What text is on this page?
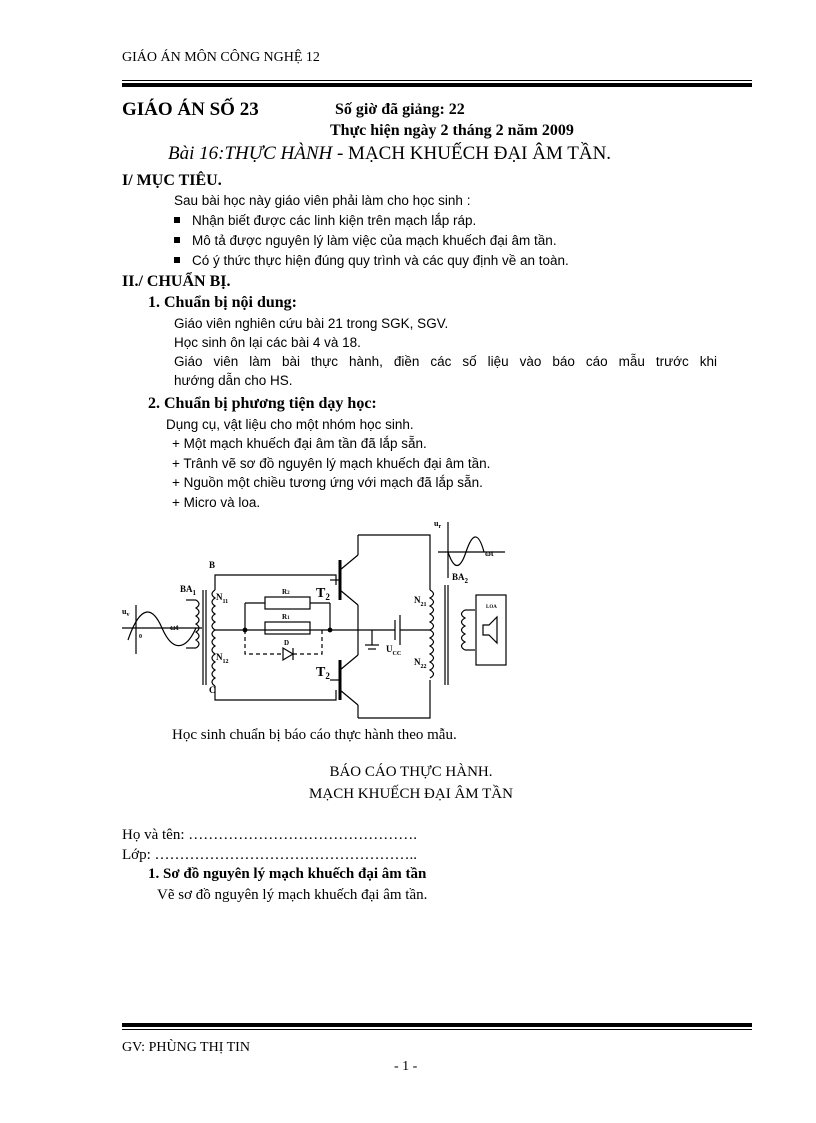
GIÁO ÁN MÔN CÔNG NGHỆ 12
GIÁO ÁN SỐ 23	Số giờ đã giảng: 22
Thực hiện ngày 2 tháng 2 năm 2009
Bài 16:THỰC HÀNH - MẠCH KHUẾCH ĐẠI ÂM TẦN.
I/ MỤC TIÊU.
Sau bài học này giáo viên phải làm cho học sinh :
Nhận biết được các linh kiện trên mạch lắp ráp.
Mô tả được nguyên lý làm việc của mạch khuếch đại âm tần.
Có ý thức thực hiện đúng quy trình và các quy định về an toàn.
II./ CHUẨN BỊ.
1. Chuẩn bị nội dung:
Giáo viên nghiên cứu bài 21 trong SGK, SGV.
Học sinh ôn lại các bài 4 và 18.
Giáo viên làm bài thực hành, điền các số liệu vào báo cáo mẫu trước khi
hướng dẫn cho HS.
2. Chuẩn bị phương tiện dạy học:
Dụng cụ, vật liệu cho một nhóm học sinh.
+ Một mạch khuếch đại âm tần đã lắp sẵn.
+ Trânh vẽ sơ đồ nguyên lý mạch khuếch đại âm tần.
+ Nguồn một chiều tương ứng với mạch đã lắp sẵn.
+ Micro và loa.
B
C
$BA_1$
$BA_2$
$N_{11}$
$N_{12}$
$N_{21}$
$N_{22}$
R2
R1
D
$T_2$
$T_2$
$U_{CC}$
$u_r$
$u_v$
ωt
ωt
LOA
0
Học sinh chuẩn bị báo cáo thực hành theo mẫu.
BÁO CÁO THỰC HÀNH.
MẠCH KHUẾCH ĐẠI ÂM TẦN
Họ và tên: ……………………………………….
Lớp: ……………………………………………..
1. Sơ đồ nguyên lý mạch khuếch đại âm tần
Vẽ sơ đồ nguyên lý mạch khuếch đại âm tần.
GV: PHÙNG THỊ TIN
- 1 -
